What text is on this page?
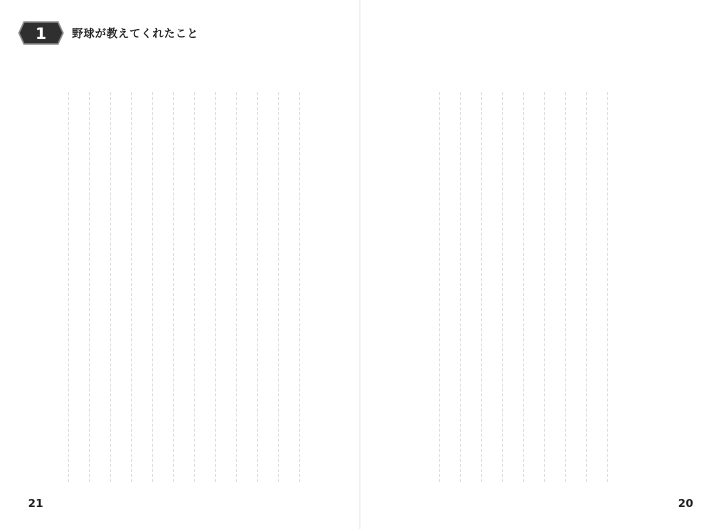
1	野球が教えてくれたこと
21	20
